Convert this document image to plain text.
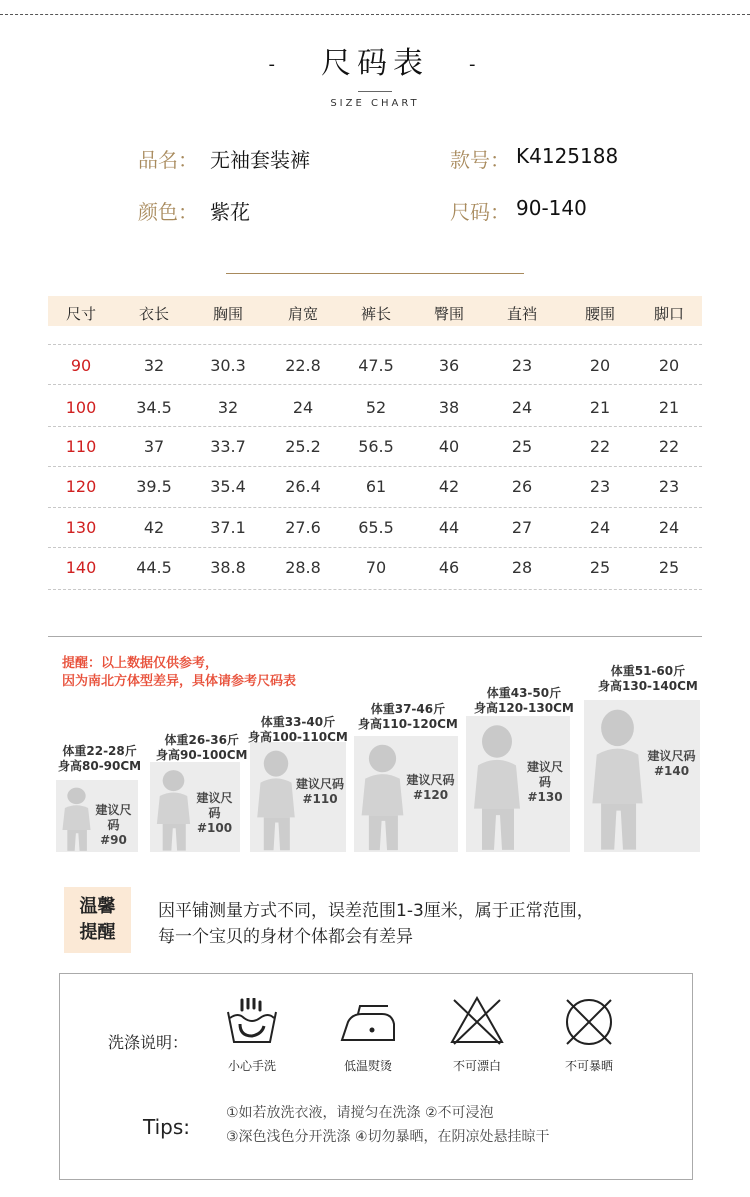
- 尺码表 -
SIZE CHART
品名： 无袖套装裤	款号： K4125188
颜色： 紫花	尺码： 90-140
尺寸	衣长	胸围	肩宽	裤长	臀围	直裆	腰围	脚口
90	32	30.3	22.8	47.5	36	23	20	20
100	34.5	32	24	52	38	24	21	21
110	37	33.7	25.2	56.5	40	25	22	22
120	39.5	35.4	26.4	61	42	26	23	23
130	42	37.1	27.6	65.5	44	27	24	24
140	44.5	38.8	28.8	70	46	28	25	25
提醒：以上数据仅供参考，
因为南北方体型差异，具体请参考尺码表
建议尺码
#90
体重22-28斤
身高80-90CM
建议尺码
#100
体重26-36斤
身高90-100CM
建议尺码
#110
体重33-40斤
身高100-110CM
建议尺码
#120
体重37-46斤
身高110-120CM
建议尺码
#130
体重43-50斤
身高120-130CM
建议尺码
#140
体重51-60斤
身高130-140CM
温馨
提醒
因平铺测量方式不同，误差范围1-3厘米，属于正常范围，
每一个宝贝的身材个体都会有差异
洗涤说明：
小心手洗	低温熨烫	不可漂白	不可暴晒
Tips:
①如若放洗衣液，请搅匀在洗涤 ②不可浸泡
③深色浅色分开洗涤 ④切勿暴晒，在阴凉处悬挂晾干
